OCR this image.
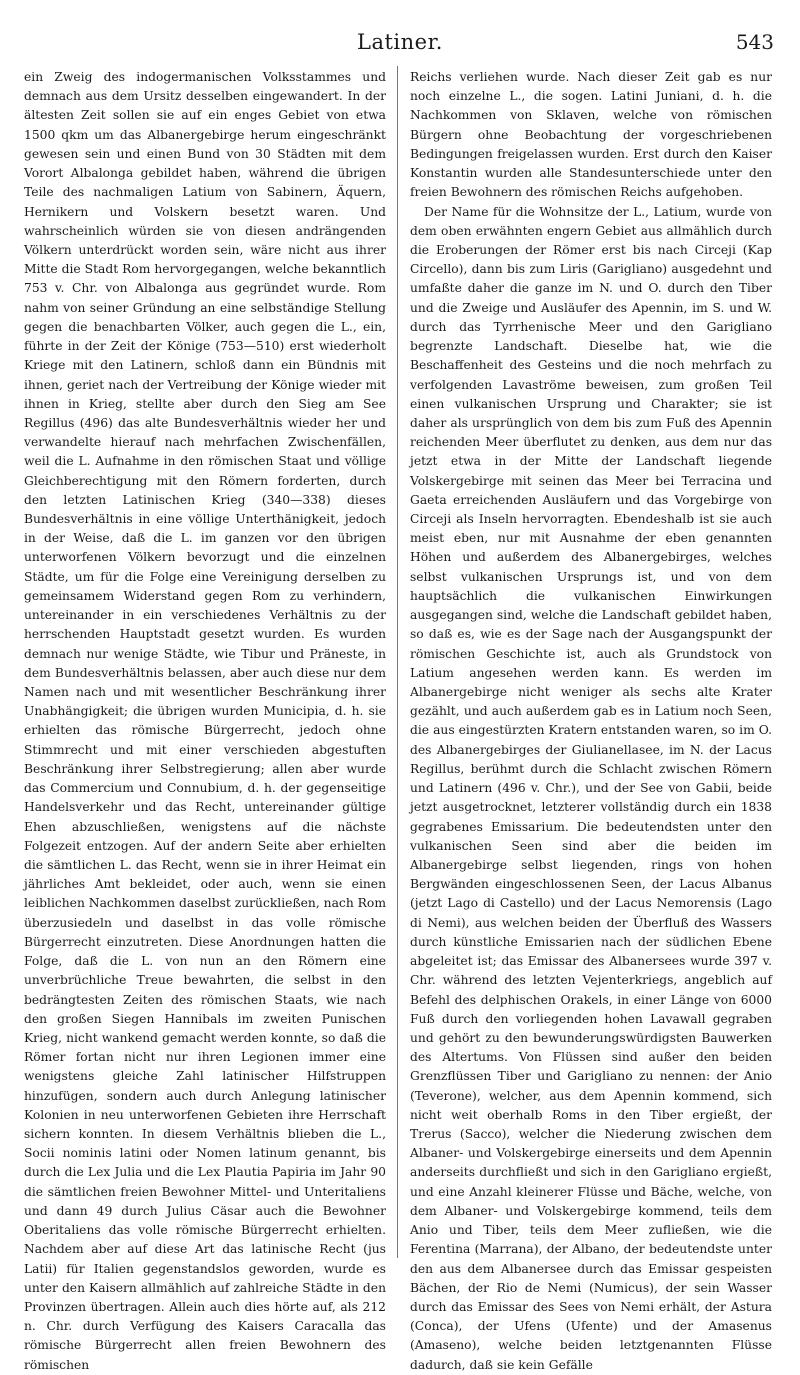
Latiner.	543

ein Zweig des indogermanischen Volksstammes und demnach aus dem Ursitz desselben eingewandert. In der ältesten Zeit sollen sie auf ein enges Gebiet von etwa 1500 qkm um das Albanergebirge herum eingeschränkt gewesen sein und einen Bund von 30 Städten mit dem Vorort Albalonga gebildet haben, während die übrigen Teile des nachmaligen Latium von Sabinern, Äquern, Hernikern und Volskern besetzt waren. Und wahrscheinlich würden sie von diesen andrängenden Völkern unterdrückt worden sein, wäre nicht aus ihrer Mitte die Stadt Rom hervorgegangen, welche bekanntlich 753 v. Chr. von Albalonga aus gegründet wurde. Rom nahm von seiner Gründung an eine selbständige Stellung gegen die benachbarten Völker, auch gegen die L., ein, führte in der Zeit der Könige (753—510) erst wiederholt Kriege mit den Latinern, schloß dann ein Bündnis mit ihnen, geriet nach der Vertreibung der Könige wieder mit ihnen in Krieg, stellte aber durch den Sieg am See Regillus (496) das alte Bundesverhältnis wieder her und verwandelte hierauf nach mehrfachen Zwischenfällen, weil die L. Aufnahme in den römischen Staat und völlige Gleichberechtigung mit den Römern forderten, durch den letzten Latinischen Krieg (340—338) dieses Bundesverhältnis in eine völlige Unterthänigkeit, jedoch in der Weise, daß die L. im ganzen vor den übrigen unterworfenen Völkern bevorzugt und die einzelnen Städte, um für die Folge eine Vereinigung derselben zu gemeinsamem Widerstand gegen Rom zu verhindern, untereinander in ein verschiedenes Verhältnis zu der herrschenden Hauptstadt gesetzt wurden. Es wurden demnach nur wenige Städte, wie Tibur und Präneste, in dem Bundesverhältnis belassen, aber auch diese nur dem Namen nach und mit wesentlicher Beschränkung ihrer Unabhängigkeit; die übrigen wurden Municipia, d. h. sie erhielten das römische Bürgerrecht, jedoch ohne Stimmrecht und mit einer verschieden abgestuften Beschränkung ihrer Selbstregierung; allen aber wurde das Commercium und Connubium, d. h. der gegenseitige Handelsverkehr und das Recht, untereinander gültige Ehen abzuschließen, wenigstens auf die nächste Folgezeit entzogen. Auf der andern Seite aber erhielten die sämtlichen L. das Recht, wenn sie in ihrer Heimat ein jährliches Amt bekleidet, oder auch, wenn sie einen leiblichen Nachkommen daselbst zurückließen, nach Rom überzusiedeln und daselbst in das volle römische Bürgerrecht einzutreten. Diese Anordnungen hatten die Folge, daß die L. von nun an den Römern eine unverbrüchliche Treue bewahrten, die selbst in den bedrängtesten Zeiten des römischen Staats, wie nach den großen Siegen Hannibals im zweiten Punischen Krieg, nicht wankend gemacht werden konnte, so daß die Römer fortan nicht nur ihren Legionen immer eine wenigstens gleiche Zahl latinischer Hilfstruppen hinzufügen, sondern auch durch Anlegung latinischer Kolonien in neu unterworfenen Gebieten ihre Herrschaft sichern konnten. In diesem Verhältnis blieben die L., Socii nominis latini oder Nomen latinum genannt, bis durch die Lex Julia und die Lex Plautia Papiria im Jahr 90 die sämtlichen freien Bewohner Mittel- und Unteritaliens und dann 49 durch Julius Cäsar auch die Bewohner Oberitaliens das volle römische Bürgerrecht erhielten. Nachdem aber auf diese Art das latinische Recht (jus Latii) für Italien gegenstandslos geworden, wurde es unter den Kaisern allmählich auf zahlreiche Städte in den Provinzen übertragen. Allein auch dies hörte auf, als 212 n. Chr. durch Verfügung des Kaisers Caracalla das römische Bürgerrecht allen freien Bewohnern des römischen

Reichs verliehen wurde. Nach dieser Zeit gab es nur noch einzelne L., die sogen. Latini Juniani, d. h. die Nachkommen von Sklaven, welche von römischen Bürgern ohne Beobachtung der vorgeschriebenen Bedingungen freigelassen wurden. Erst durch den Kaiser Konstantin wurden alle Standesunterschiede unter den freien Bewohnern des römischen Reichs aufgehoben.

Der Name für die Wohnsitze der L., Latium, wurde von dem oben erwähnten engern Gebiet aus allmählich durch die Eroberungen der Römer erst bis nach Circeji (Kap Circello), dann bis zum Liris (Garigliano) ausgedehnt und umfaßte daher die ganze im N. und O. durch den Tiber und die Zweige und Ausläufer des Apennin, im S. und W. durch das Tyrrhenische Meer und den Garigliano begrenzte Landschaft. Dieselbe hat, wie die Beschaffenheit des Gesteins und die noch mehrfach zu verfolgenden Lavaströme beweisen, zum großen Teil einen vulkanischen Ursprung und Charakter; sie ist daher als ursprünglich von dem bis zum Fuß des Apennin reichenden Meer überflutet zu denken, aus dem nur das jetzt etwa in der Mitte der Landschaft liegende Volskergebirge mit seinen das Meer bei Terracina und Gaeta erreichenden Ausläufern und das Vorgebirge von Circeji als Inseln hervorragten. Ebendeshalb ist sie auch meist eben, nur mit Ausnahme der eben genannten Höhen und außerdem des Albanergebirges, welches selbst vulkanischen Ursprungs ist, und von dem hauptsächlich die vulkanischen Einwirkungen ausgegangen sind, welche die Landschaft gebildet haben, so daß es, wie es der Sage nach der Ausgangspunkt der römischen Geschichte ist, auch als Grundstock von Latium angesehen werden kann. Es werden im Albanergebirge nicht weniger als sechs alte Krater gezählt, und auch außerdem gab es in Latium noch Seen, die aus eingestürzten Kratern entstanden waren, so im O. des Albanergebirges der Giulianellasee, im N. der Lacus Regillus, berühmt durch die Schlacht zwischen Römern und Latinern (496 v. Chr.), und der See von Gabii, beide jetzt ausgetrocknet, letzterer vollständig durch ein 1838 gegrabenes Emissarium. Die bedeutendsten unter den vulkanischen Seen sind aber die beiden im Albanergebirge selbst liegenden, rings von hohen Bergwänden eingeschlossenen Seen, der Lacus Albanus (jetzt Lago di Castello) und der Lacus Nemorensis (Lago di Nemi), aus welchen beiden der Überfluß des Wassers durch künstliche Emissarien nach der südlichen Ebene abgeleitet ist; das Emissar des Albanersees wurde 397 v. Chr. während des letzten Vejenterkriegs, angeblich auf Befehl des delphischen Orakels, in einer Länge von 6000 Fuß durch den vorliegenden hohen Lavawall gegraben und gehört zu den bewunderungswürdigsten Bauwerken des Altertums. Von Flüssen sind außer den beiden Grenzflüssen Tiber und Garigliano zu nennen: der Anio (Teverone), welcher, aus dem Apennin kommend, sich nicht weit oberhalb Roms in den Tiber ergießt, der Trerus (Sacco), welcher die Niederung zwischen dem Albaner- und Volskergebirge einerseits und dem Apennin anderseits durchfließt und sich in den Garigliano ergießt, und eine Anzahl kleinerer Flüsse und Bäche, welche, von dem Albaner- und Volskergebirge kommend, teils dem Anio und Tiber, teils dem Meer zufließen, wie die Ferentina (Marrana), der Albano, der bedeutendste unter den aus dem Albanersee durch das Emissar gespeisten Bächen, der Rio de Nemi (Numicus), der sein Wasser durch das Emissar des Sees von Nemi erhält, der Astura (Conca), der Ufens (Ufente) und der Amasenus (Amaseno), welche beiden letztgenannten Flüsse dadurch, daß sie kein Gefälle
